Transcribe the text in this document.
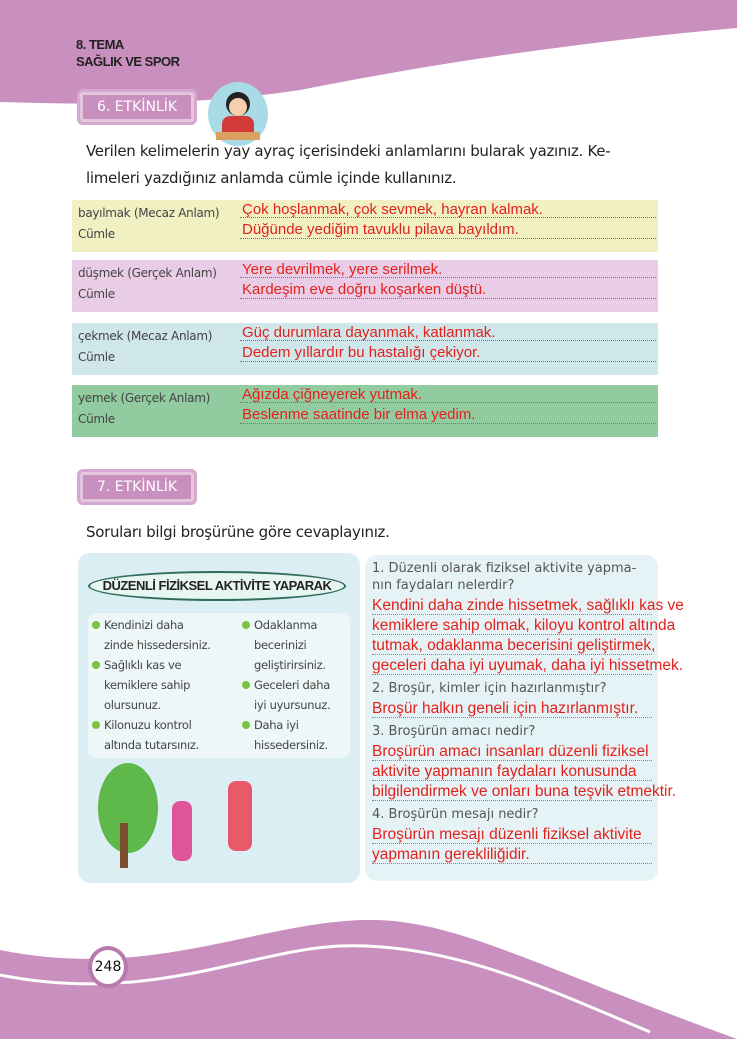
8. TEMA
SAĞLIK VE SPOR
6. ETKİNLİK
Verilen kelimelerin yay ayraç içerisindeki anlamlarını bularak yazınız. Ke-
limeleri yazdığınız anlamda cümle içinde kullanınız.
bayılmak (Mecaz Anlam)
Cümle
Çok hoşlanmak, çok sevmek, hayran kalmak.
Düğünde yediğim tavuklu pilava bayıldım.
düşmek (Gerçek Anlam)
Cümle
Yere devrilmek, yere serilmek.
Kardeşim eve doğru koşarken düştü.
çekmek (Mecaz Anlam)
Cümle
Güç durumlara dayanmak, katlanmak.
Dedem yıllardır bu hastalığı çekiyor.
yemek (Gerçek Anlam)
Cümle
Ağızda çiğneyerek yutmak.
Beslenme saatinde bir elma yedim.
7. ETKİNLİK
Soruları bilgi broşürüne göre cevaplayınız.
DÜZENLİ FİZİKSEL AKTİVİTE YAPARAK
Kendinizi daha
zinde hissedersiniz.
Sağlıklı kas ve
kemiklere sahip
olursunuz.
Kilonuzu kontrol
altında tutarsınız.
Odaklanma
becerinizi
geliştirirsiniz.
Geceleri daha
iyi uyursunuz.
Daha iyi
hissedersiniz.
1. Düzenli olarak fiziksel aktivite yapma-
nın faydaları nelerdir?
Kendini daha zinde hissetmek, sağlıklı kas ve
kemiklere sahip olmak, kiloyu kontrol altında
tutmak, odaklanma becerisini geliştirmek,
geceleri daha iyi uyumak, daha iyi hissetmek.
2. Broşür, kimler için hazırlanmıştır?
Broşür halkın geneli için hazırlanmıştır.
3. Broşürün amacı nedir?
Broşürün amacı insanları düzenli fiziksel
aktivite yapmanın faydaları konusunda
bilgilendirmek ve onları buna teşvik etmektir.
4. Broşürün mesajı nedir?
Broşürün mesajı düzenli fiziksel aktivite
yapmanın gerekliliğidir.
248
